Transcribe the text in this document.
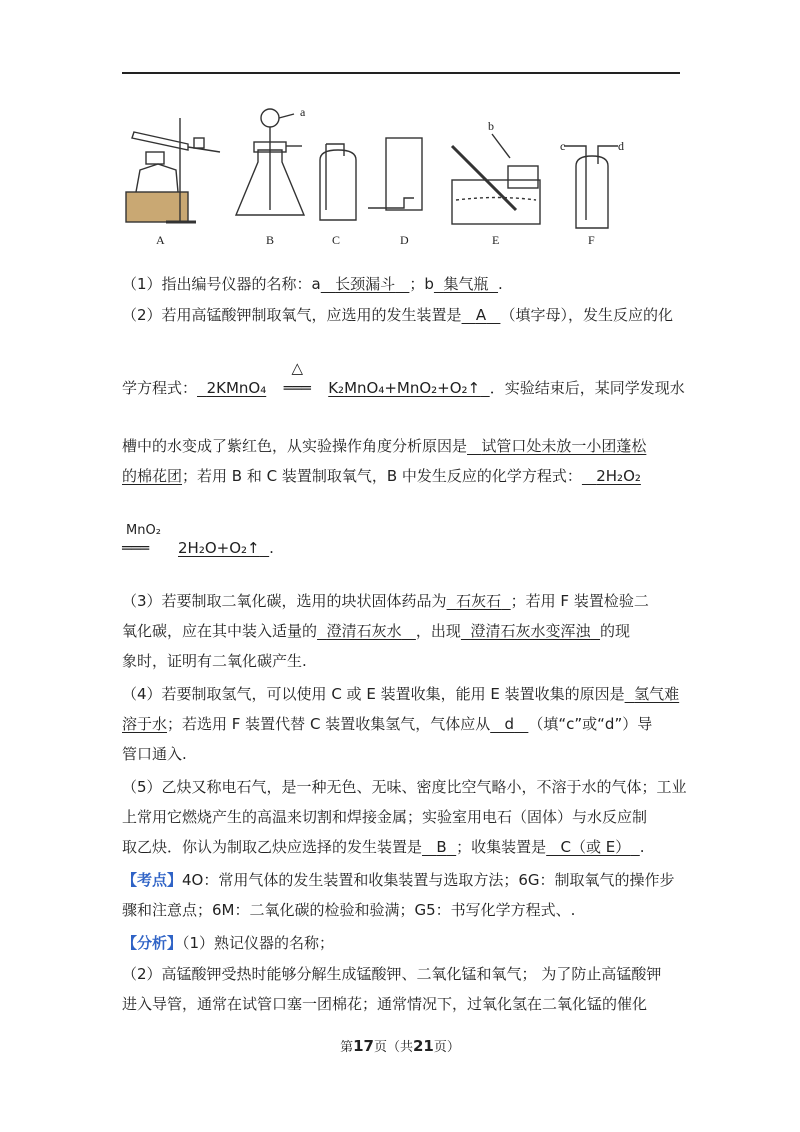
a
b
c	d
A	B	C	D	E	F
（1）指出编号仪器的名称：a 长颈漏斗 ；b 集气瓶 .
（2）若用高锰酸钾制取氧气，应选用的发生装置是 A （填字母），发生反应的化
学方程式： 2KMnO₄
△
═══ K₂MnO₄+MnO₂+O₂↑ ．实验结束后，某同学发现水
槽中的水变成了紫红色，从实验操作角度分析原因是 试管口处未放一小团蓬松
的棉花团；若用 B 和 C 装置制取氧气，B 中发生反应的化学方程式： 2H₂O₂
MnO₂
═══ 2H₂O+O₂↑ .
（3）若要制取二氧化碳，选用的块状固体药品为 石灰石 ；若用 F 装置检验二
氧化碳，应在其中装入适量的 澄清石灰水 ，出现 澄清石灰水变浑浊 的现
象时，证明有二氧化碳产生.
（4）若要制取氢气，可以使用 C 或 E 装置收集，能用 E 装置收集的原因是 氢气难
溶于水；若选用 F 装置代替 C 装置收集氢气，气体应从 d （填“c”或“d”）导
管口通入.
（5）乙炔又称电石气，是一种无色、无味、密度比空气略小，不溶于水的气体；工业
上常用它燃烧产生的高温来切割和焊接金属；实验室用电石（固体）与水反应制
取乙炔．你认为制取乙炔应选择的发生装置是 B ；收集装置是 C（或 E） .
【考点】4O：常用气体的发生装置和收集装置与选取方法；6G：制取氧气的操作步
骤和注意点；6M：二氧化碳的检验和验满；G5：书写化学方程式、.
【分析】（1）熟记仪器的名称；
（2）高锰酸钾受热时能够分解生成锰酸钾、二氧化锰和氧气； 为了防止高锰酸钾
进入导管，通常在试管口塞一团棉花；通常情况下，过氧化氢在二氧化锰的催化
第17页（共21页）
